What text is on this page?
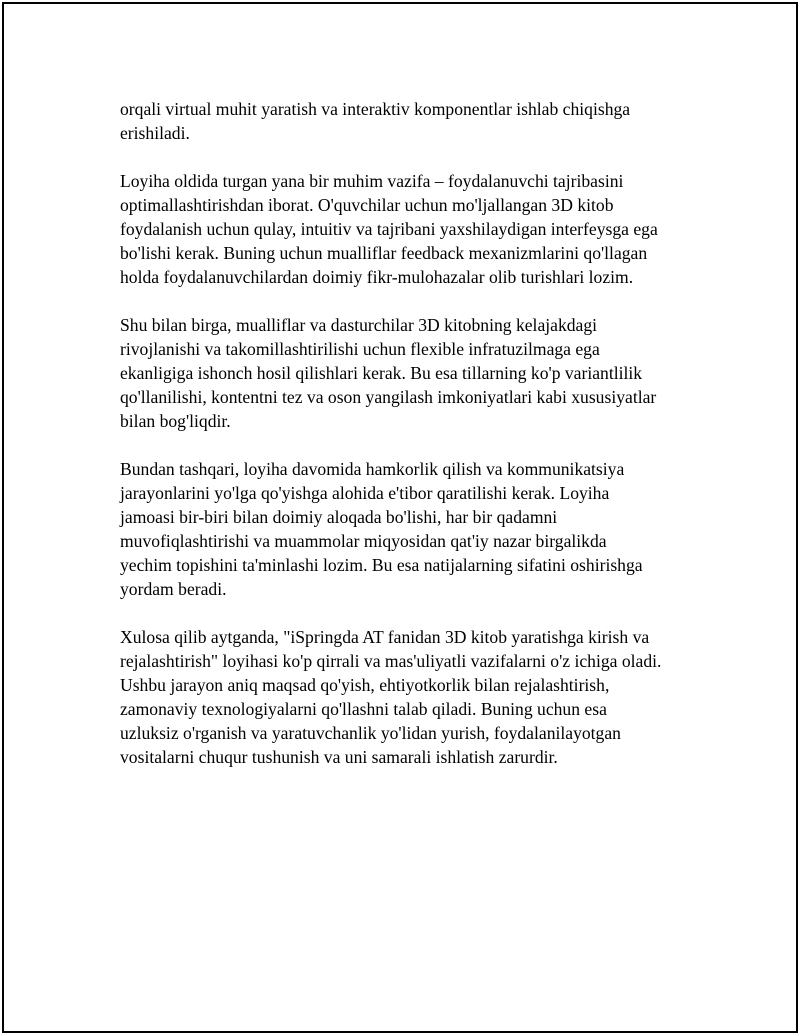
orqali virtual muhit yaratish va interaktiv komponentlar ishlab chiqishga
erishiladi.

Loyiha oldida turgan yana bir muhim vazifa – foydalanuvchi tajribasini
optimallashtirishdan iborat. O'quvchilar uchun mo'ljallangan 3D kitob
foydalanish uchun qulay, intuitiv va tajribani yaxshilaydigan interfeysga ega
bo'lishi kerak. Buning uchun mualliflar feedback mexanizmlarini qo'llagan
holda foydalanuvchilardan doimiy fikr-mulohazalar olib turishlari lozim.

Shu bilan birga, mualliflar va dasturchilar 3D kitobning kelajakdagi
rivojlanishi va takomillashtirilishi uchun flexible infratuzilmaga ega
ekanligiga ishonch hosil qilishlari kerak. Bu esa tillarning ko'p variantlilik
qo'llanilishi, kontentni tez va oson yangilash imkoniyatlari kabi xususiyatlar
bilan bog'liqdir.

Bundan tashqari, loyiha davomida hamkorlik qilish va kommunikatsiya
jarayonlarini yo'lga qo'yishga alohida e'tibor qaratilishi kerak. Loyiha
jamoasi bir-biri bilan doimiy aloqada bo'lishi, har bir qadamni
muvofiqlashtirishi va muammolar miqyosidan qat'iy nazar birgalikda
yechim topishini ta'minlashi lozim. Bu esa natijalarning sifatini oshirishga
yordam beradi.

Xulosa qilib aytganda, "iSpringda AT fanidan 3D kitob yaratishga kirish va
rejalashtirish" loyihasi ko'p qirrali va mas'uliyatli vazifalarni o'z ichiga oladi.
Ushbu jarayon aniq maqsad qo'yish, ehtiyotkorlik bilan rejalashtirish,
zamonaviy texnologiyalarni qo'llashni talab qiladi. Buning uchun esa
uzluksiz o'rganish va yaratuvchanlik yo'lidan yurish, foydalanilayotgan
vositalarni chuqur tushunish va uni samarali ishlatish zarurdir.
